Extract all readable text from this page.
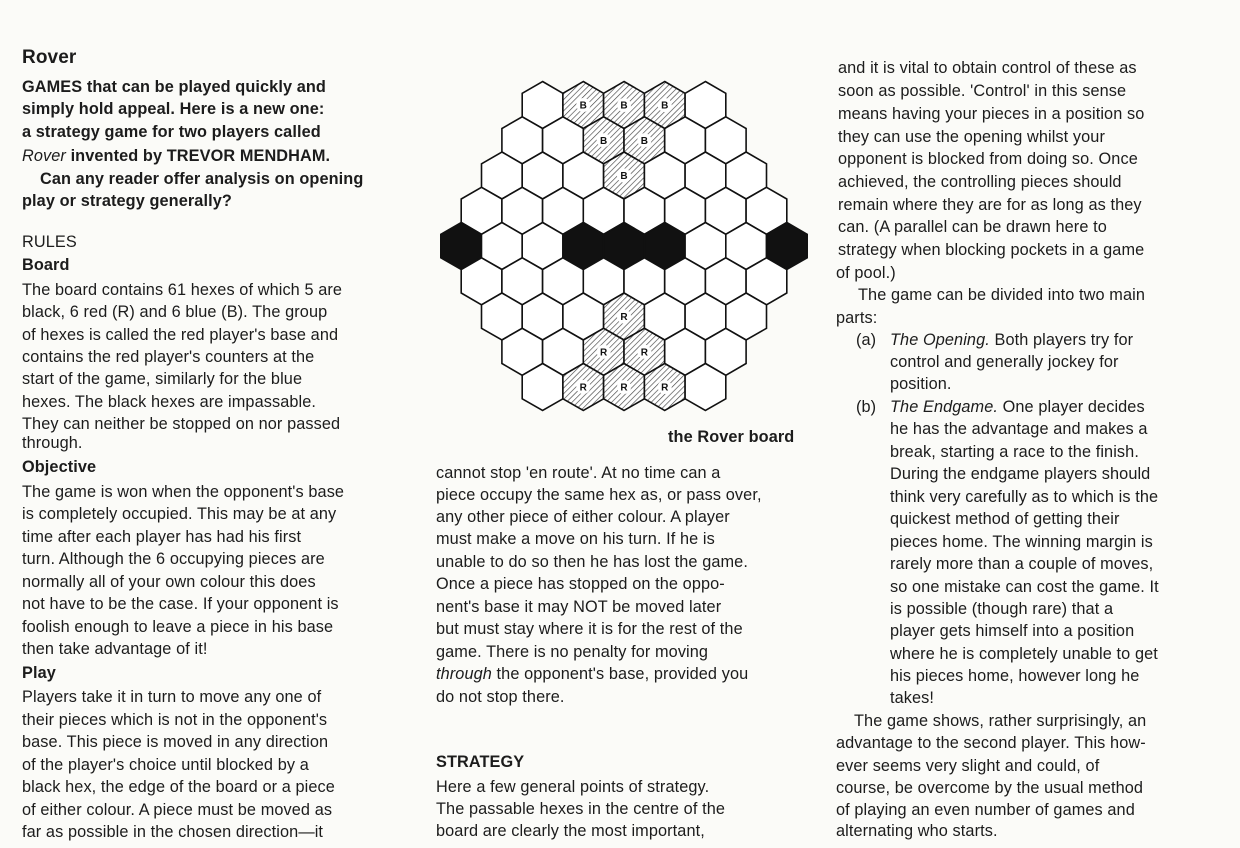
Rover
GAMES that can be played quickly and
simply hold appeal. Here is a new one:
a strategy game for two players called
Rover invented by TREVOR MENDHAM.
Can any reader offer analysis on opening
play or strategy generally?
RULES
Board
The board contains 61 hexes of which 5 are
black, 6 red (R) and 6 blue (B). The group
of hexes is called the red player's base and
contains the red player's counters at the
start of the game, similarly for the blue
hexes. The black hexes are impassable.
They can neither be stopped on nor passed
through.
Objective
The game is won when the opponent's base
is completely occupied. This may be at any
time after each player has had his first
turn. Although the 6 occupying pieces are
normally all of your own colour this does
not have to be the case. If your opponent is
foolish enough to leave a piece in his base
then take advantage of it!
Play
Players take it in turn to move any one of
their pieces which is not in the opponent's
base. This piece is moved in any direction
of the player's choice until blocked by a
black hex, the edge of the board or a piece
of either colour. A piece must be moved as
far as possible in the chosen direction—it
B	B	B
B	B
B
R
R	R
R	R	R
the Rover board
cannot stop 'en route'. At no time can a
piece occupy the same hex as, or pass over,
any other piece of either colour. A player
must make a move on his turn. If he is
unable to do so then he has lost the game.
Once a piece has stopped on the oppo-
nent's base it may NOT be moved later
but must stay where it is for the rest of the
game. There is no penalty for moving
through the opponent's base, provided you
do not stop there.
STRATEGY
Here a few general points of strategy.
The passable hexes in the centre of the
board are clearly the most important,
and it is vital to obtain control of these as
soon as possible. 'Control' in this sense
means having your pieces in a position so
they can use the opening whilst your
opponent is blocked from doing so. Once
achieved, the controlling pieces should
remain where they are for as long as they
can. (A parallel can be drawn here to
strategy when blocking pockets in a game
of pool.)
The game can be divided into two main
parts:
(a) The Opening. Both players try for
control and generally jockey for
position.
(b) The Endgame. One player decides
he has the advantage and makes a
break, starting a race to the finish.
During the endgame players should
think very carefully as to which is the
quickest method of getting their
pieces home. The winning margin is
rarely more than a couple of moves,
so one mistake can cost the game. It
is possible (though rare) that a
player gets himself into a position
where he is completely unable to get
his pieces home, however long he
takes!
The game shows, rather surprisingly, an
advantage to the second player. This how-
ever seems very slight and could, of
course, be overcome by the usual method
of playing an even number of games and
alternating who starts.
